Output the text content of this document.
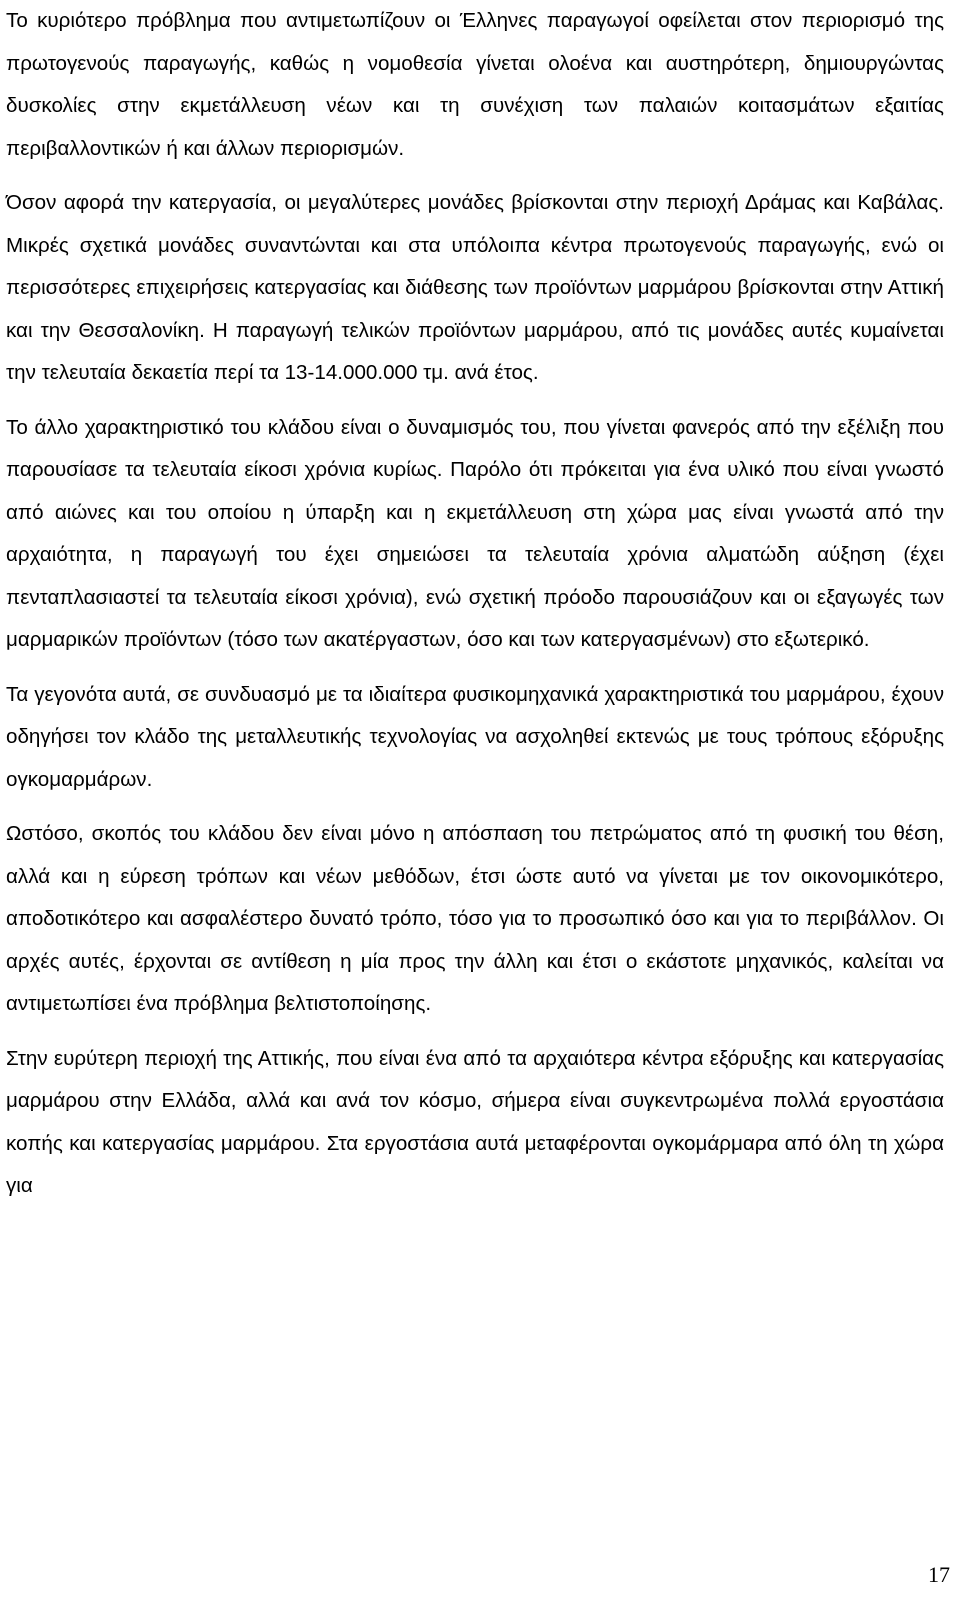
Το κυριότερο πρόβλημα που αντιμετωπίζουν οι Έλληνες παραγωγοί οφείλεται στον περιορισμό της πρωτογενούς παραγωγής, καθώς η νομοθεσία γίνεται ολοένα και αυστηρότερη, δημιουργώντας δυσκολίες στην εκμετάλλευση νέων και τη συνέχιση των παλαιών κοιτασμάτων εξαιτίας περιβαλλοντικών ή και άλλων περιορισμών.

Όσον αφορά την κατεργασία, οι μεγαλύτερες μονάδες βρίσκονται στην περιοχή Δράμας και Καβάλας. Μικρές σχετικά μονάδες συναντώνται και στα υπόλοιπα κέντρα πρωτογενούς παραγωγής, ενώ οι περισσότερες επιχειρήσεις κατεργασίας και διάθεσης των προϊόντων μαρμάρου βρίσκονται στην Αττική και την Θεσσαλονίκη. Η παραγωγή τελικών προϊόντων μαρμάρου, από τις μονάδες αυτές κυμαίνεται την τελευταία δεκαετία περί τα 13-14.000.000 τμ. ανά έτος.

Το άλλο χαρακτηριστικό του κλάδου είναι ο δυναμισμός του, που γίνεται φανερός από την εξέλιξη που παρουσίασε τα τελευταία είκοσι χρόνια κυρίως. Παρόλο ότι πρόκειται για ένα υλικό που είναι γνωστό από αιώνες και του οποίου η ύπαρξη και η εκμετάλλευση στη χώρα μας είναι γνωστά από την αρχαιότητα, η παραγωγή του έχει σημειώσει τα τελευταία χρόνια αλματώδη αύξηση (έχει πενταπλασιαστεί τα τελευταία είκοσι χρόνια), ενώ σχετική πρόοδο παρουσιάζουν και οι εξαγωγές των μαρμαρικών προϊόντων (τόσο των ακατέργαστων, όσο και των κατεργασμένων) στο εξωτερικό.

Τα γεγονότα αυτά, σε συνδυασμό με τα ιδιαίτερα φυσικομηχανικά χαρακτηριστικά του μαρμάρου, έχουν οδηγήσει τον κλάδο της μεταλλευτικής τεχνολογίας να ασχοληθεί εκτενώς με τους τρόπους εξόρυξης ογκομαρμάρων.

Ωστόσο, σκοπός του κλάδου δεν είναι μόνο η απόσπαση του πετρώματος από τη φυσική του θέση, αλλά και η εύρεση τρόπων και νέων μεθόδων, έτσι ώστε αυτό να γίνεται με τον οικονομικότερο, αποδοτικότερο και ασφαλέστερο δυνατό τρόπο, τόσο για το προσωπικό όσο και για το περιβάλλον. Οι αρχές αυτές, έρχονται σε αντίθεση η μία προς την άλλη και έτσι ο εκάστοτε μηχανικός, καλείται να αντιμετωπίσει ένα πρόβλημα βελτιστοποίησης.

Στην ευρύτερη περιοχή της Αττικής, που είναι ένα από τα αρχαιότερα κέντρα εξόρυξης και κατεργασίας μαρμάρου στην Ελλάδα, αλλά και ανά τον κόσμο, σήμερα είναι συγκεντρωμένα πολλά εργοστάσια κοπής και κατεργασίας μαρμάρου. Στα εργοστάσια αυτά μεταφέρονται ογκομάρμαρα από όλη τη χώρα για

17
